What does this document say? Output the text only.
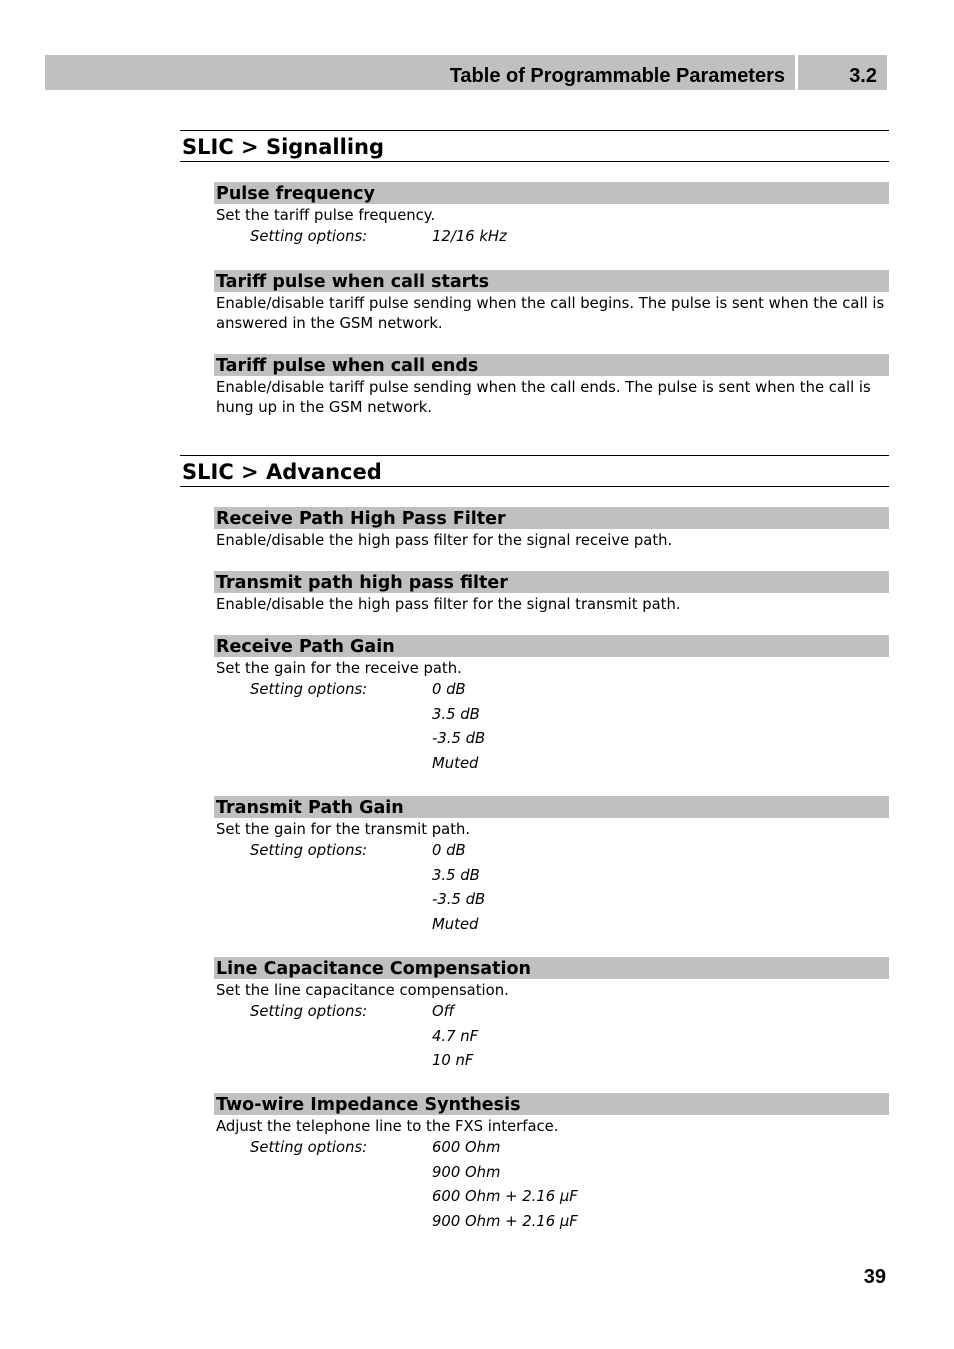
Table of Programmable Parameters	3.2
SLIC > Signalling
Pulse frequency
Set the tariff pulse frequency.
Setting options:	12/16 kHz
Tariff pulse when call starts
Enable/disable tariff pulse sending when the call begins. The pulse is sent when the call is answered in the GSM network.
Tariff pulse when call ends
Enable/disable tariff pulse sending when the call ends. The pulse is sent when the call is hung up in the GSM network.
SLIC > Advanced
Receive Path High Pass Filter
Enable/disable the high pass filter for the signal receive path.
Transmit path high pass filter
Enable/disable the high pass filter for the signal transmit path.
Receive Path Gain
Set the gain for the receive path.
Setting options:	0 dB
3.5 dB
-3.5 dB
Muted
Transmit Path Gain
Set the gain for the transmit path.
Setting options:	0 dB
3.5 dB
-3.5 dB
Muted
Line Capacitance Compensation
Set the line capacitance compensation.
Setting options:	Off
4.7 nF
10 nF
Two-wire Impedance Synthesis
Adjust the telephone line to the FXS interface.
Setting options:	600 Ohm
900 Ohm
600 Ohm + 2.16 µF
900 Ohm + 2.16 µF
39
